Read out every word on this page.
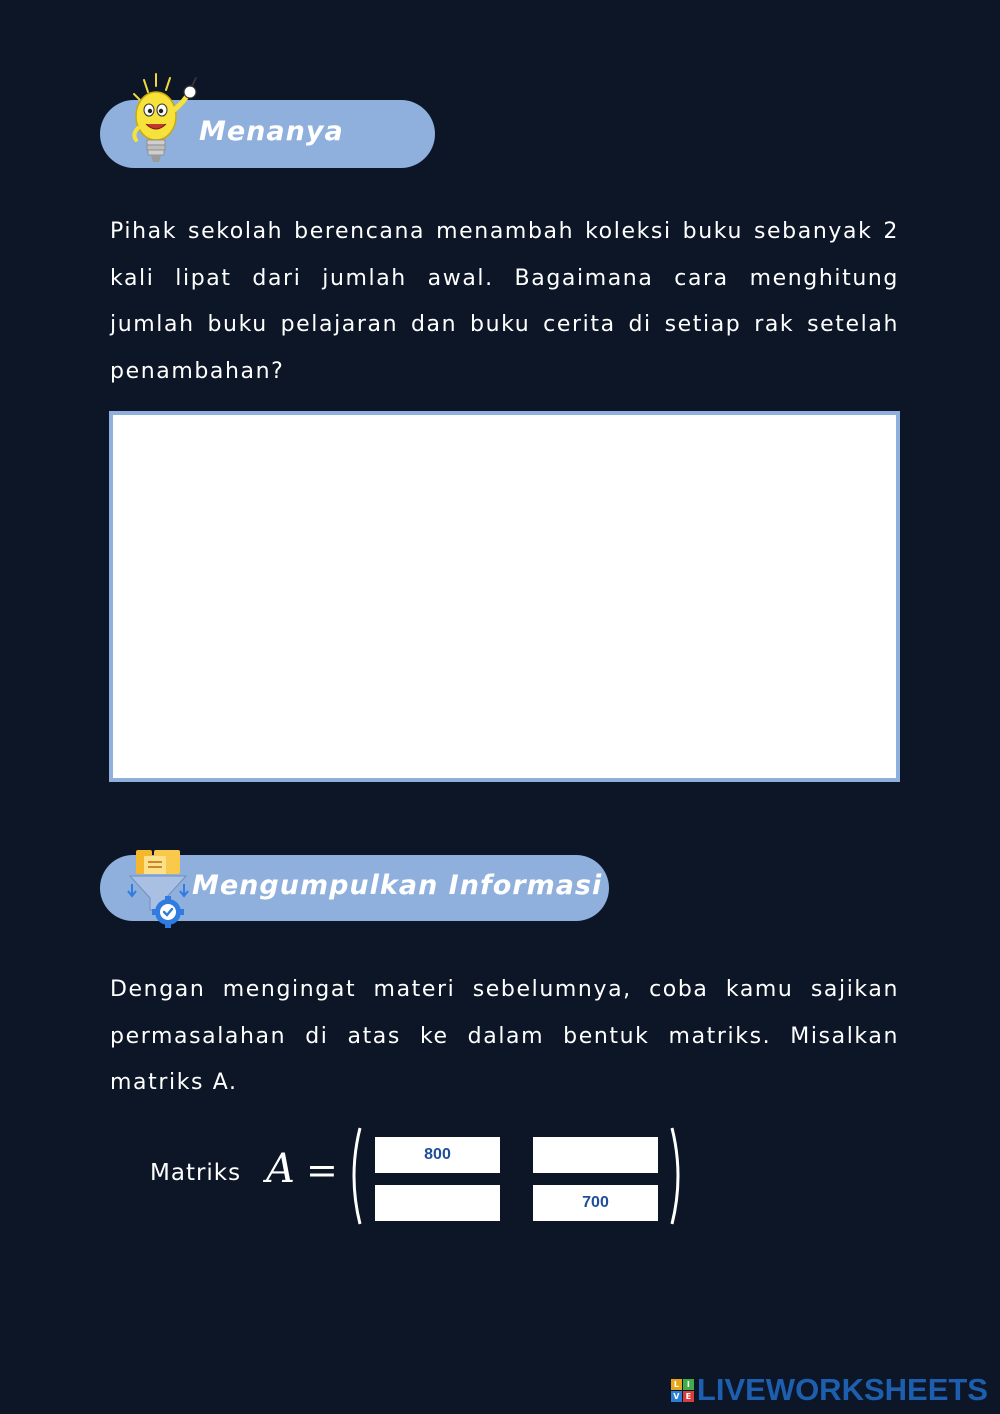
Menanya

Pihak sekolah berencana menambah koleksi buku sebanyak 2 kali lipat dari jumlah awal. Bagaimana cara menghitung jumlah buku pelajaran dan buku cerita di setiap rak setelah penambahan?

Mengumpulkan Informasi

Dengan mengingat materi sebelumnya, coba kamu sajikan permasalahan di atas ke dalam bentuk matriks. Misalkan matriks A.

Matriks A =
800
700
L I
V E LIVEWORKSHEETS
